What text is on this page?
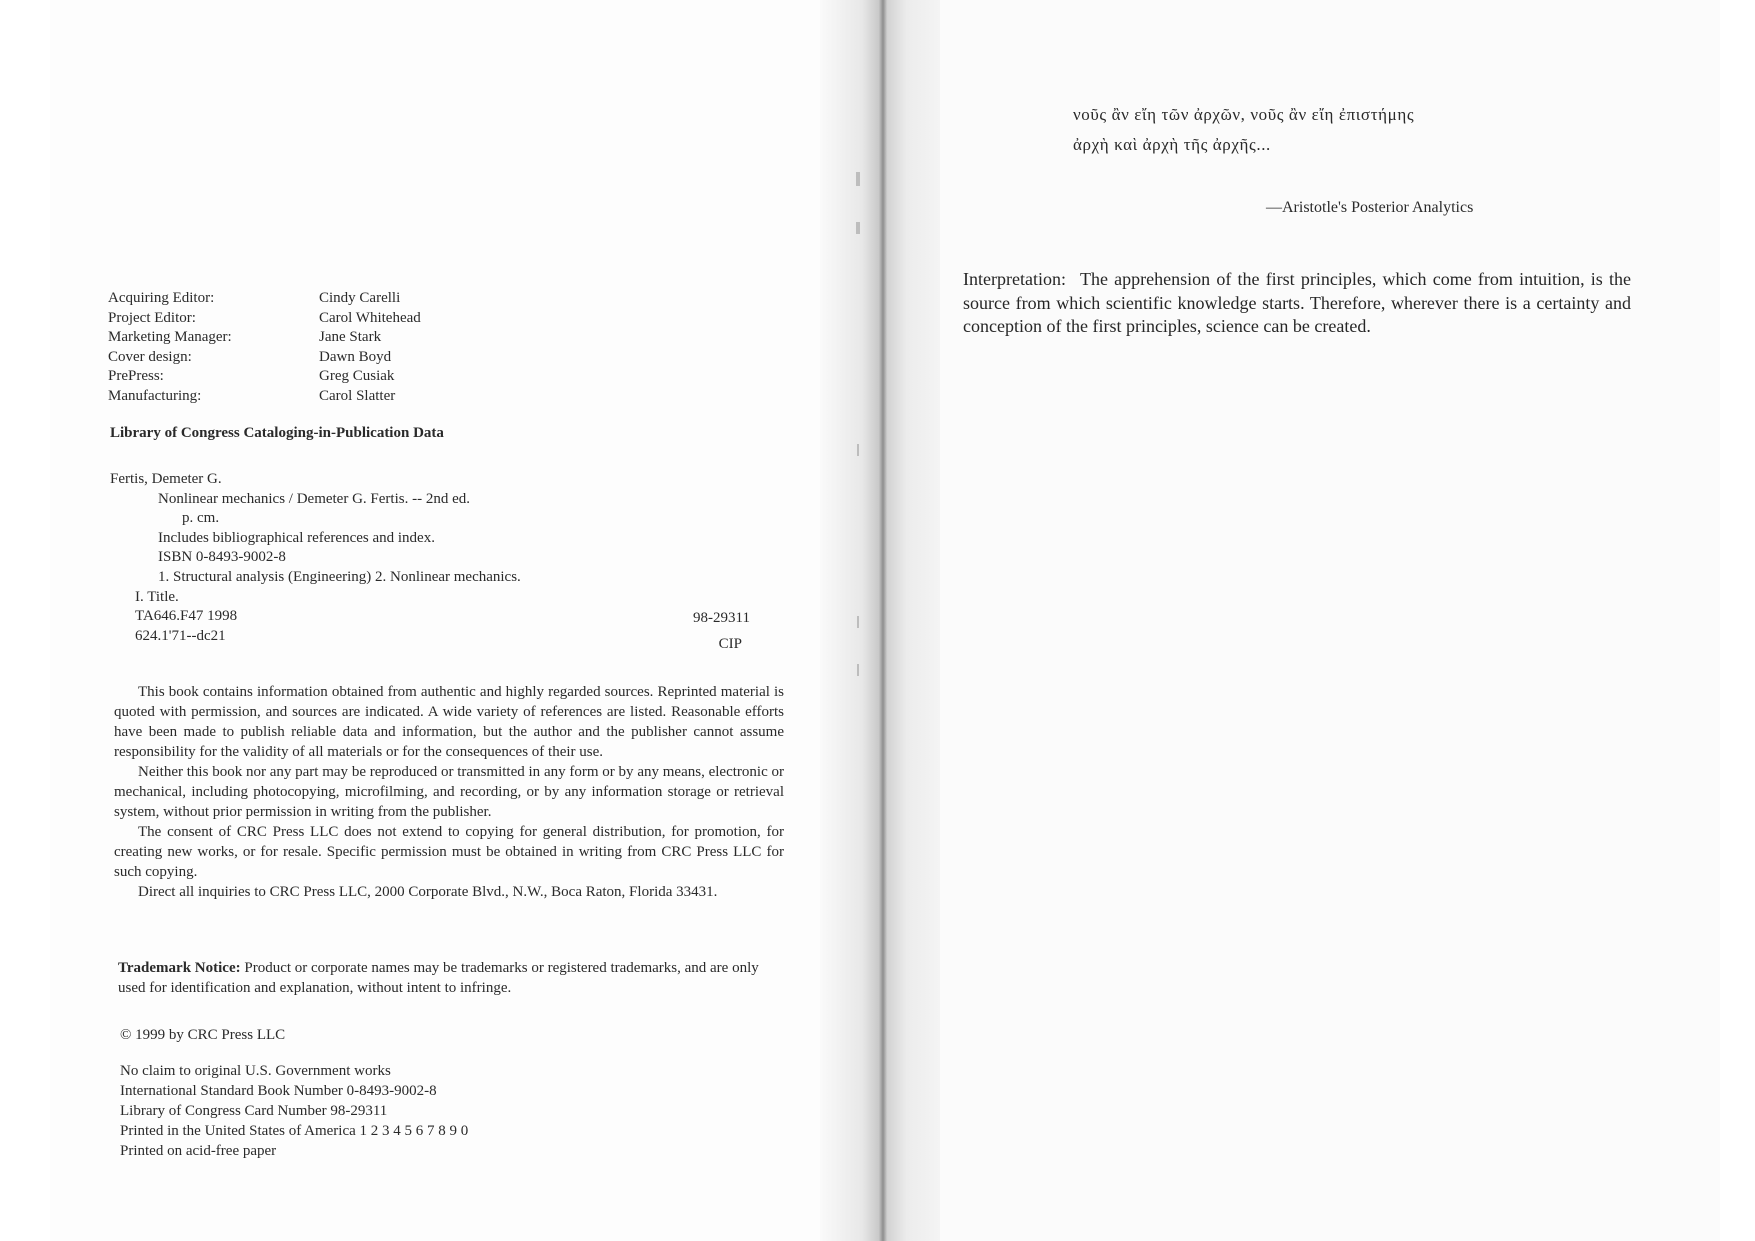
Acquiring Editor:	Cindy Carelli
Project Editor:	Carol Whitehead
Marketing Manager:	Jane Stark
Cover design:	Dawn Boyd
PrePress:	Greg Cusiak
Manufacturing:	Carol Slatter
Library of Congress Cataloging-in-Publication Data
Fertis, Demeter G.
Nonlinear mechanics / Demeter G. Fertis. -- 2nd ed.
p. cm.
Includes bibliographical references and index.
ISBN 0-8493-9002-8
1. Structural analysis (Engineering) 2. Nonlinear mechanics.
I. Title.
TA646.F47 1998	98-29311
624.1'71--dc21	CIP

This book contains information obtained from authentic and highly regarded sources. Reprinted material is quoted with permission, and sources are indicated. A wide variety of references are listed. Reasonable efforts have been made to publish reliable data and information, but the author and the publisher cannot assume responsibility for the validity of all materials or for the consequences of their use.

Neither this book nor any part may be reproduced or transmitted in any form or by any means, electronic or mechanical, including photocopying, microfilming, and recording, or by any information storage or retrieval system, without prior permission in writing from the publisher.

The consent of CRC Press LLC does not extend to copying for general distribution, for promotion, for creating new works, or for resale. Specific permission must be obtained in writing from CRC Press LLC for such copying.

Direct all inquiries to CRC Press LLC, 2000 Corporate Blvd., N.W., Boca Raton, Florida 33431.

Trademark Notice: Product or corporate names may be trademarks or registered trademarks, and are only used for identification and explanation, without intent to infringe.
© 1999 by CRC Press LLC
No claim to original U.S. Government works
International Standard Book Number 0-8493-9002-8
Library of Congress Card Number 98-29311
Printed in the United States of America 1 2 3 4 5 6 7 8 9 0
Printed on acid-free paper
νοῦς ἂν εἴη τῶν ἀρχῶν, νοῦς ἂν εἴη ἐπιστήμης
ἀρχὴ καὶ ἀρχὴ τῆς ἀρχῆς...
—Aristotle's Posterior Analytics
Interpretation: The apprehension of the first principles, which come from intuition, is the source from which scientific knowledge starts. Therefore, wherever there is a certainty and conception of the first principles, science can be created.
